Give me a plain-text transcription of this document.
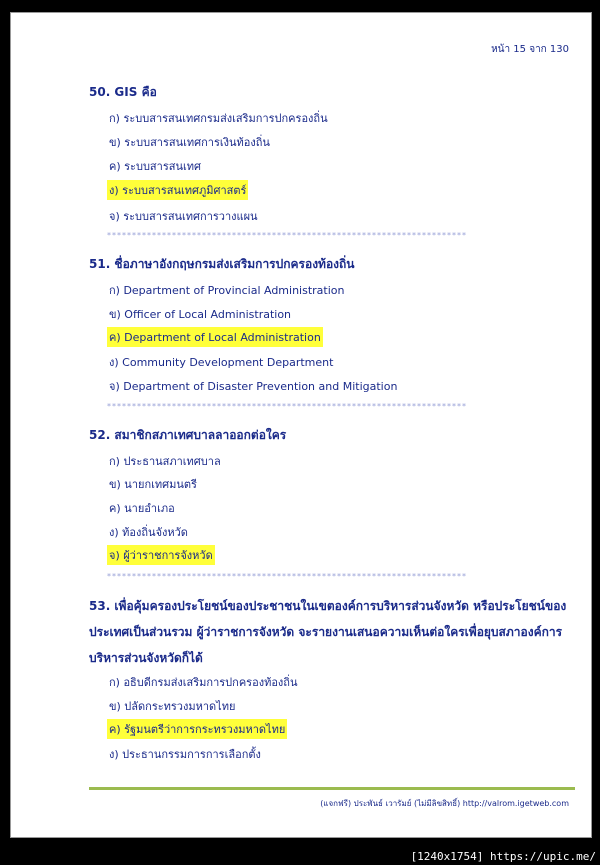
หน้า 15 จาก 130
50. GIS คือ
ก) ระบบสารสนเทศกรมส่งเสริมการปกครองถิ่น
ข) ระบบสารสนเทศการเงินท้องถิ่น
ค) ระบบสารสนเทศ
ง) ระบบสารสนเทศภูมิศาสตร์
จ) ระบบสารสนเทศการวางแผน
************************************************************************
51. ชื่อภาษาอังกฤษกรมส่งเสริมการปกครองท้องถิ่น
ก) Department of Provincial Administration
ข) Officer of Local Administration
ค) Department of Local Administration
ง) Community Development Department
จ) Department of Disaster Prevention and Mitigation
************************************************************************
52. สมาชิกสภาเทศบาลลาออกต่อใคร
ก) ประธานสภาเทศบาล
ข) นายกเทศมนตรี
ค) นายอำเภอ
ง) ท้องถิ่นจังหวัด
จ) ผู้ว่าราชการจังหวัด
************************************************************************
53. เพื่อคุ้มครองประโยชน์ของประชาชนในเขตองค์การบริหารส่วนจังหวัด หรือประโยชน์ของประเทศเป็นส่วนรวม ผู้ว่าราชการจังหวัด จะรายงานเสนอความเห็นต่อใครเพื่อยุบสภาองค์การบริหารส่วนจังหวัดก็ได้
ก) อธิบดีกรมส่งเสริมการปกครองท้องถิ่น
ข) ปลัดกระทรวงมหาดไทย
ค) รัฐมนตรีว่าการกระทรวงมหาดไทย
ง) ประธานกรรมการการเลือกตั้ง
(แจกฟรี) ประพันธ์ เวารัมย์ (ไม่มีลิขสิทธิ์) http://valrom.igetweb.com
[1240x1754] https://upic.me/
